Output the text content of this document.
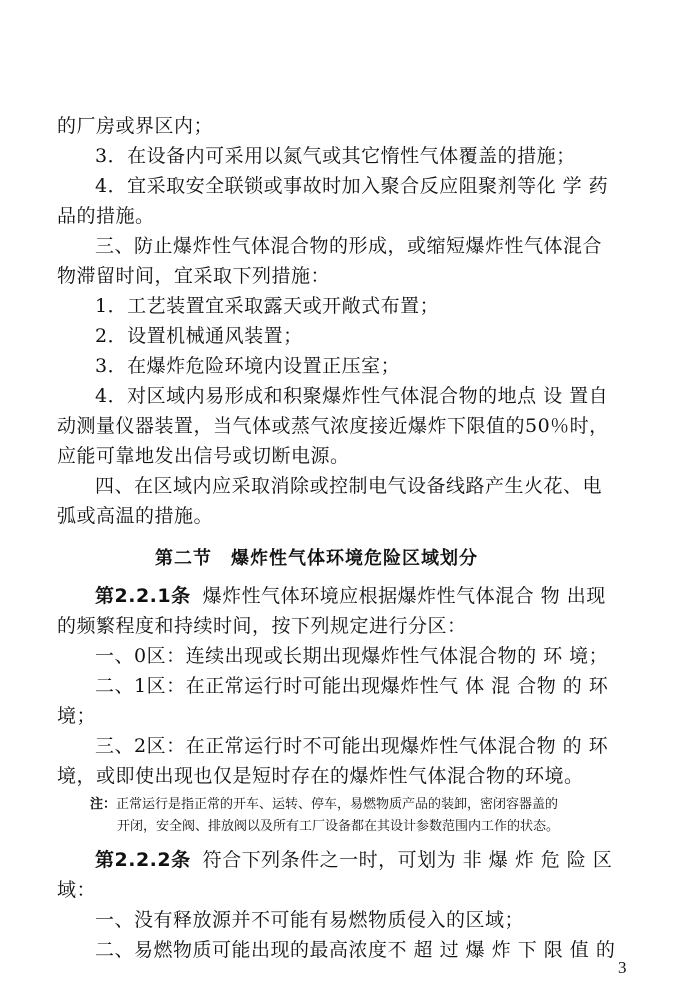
的厂房或界区内；
3．在设备内可采用以氮气或其它惰性气体覆盖的措施；
4．宜采取安全联锁或事故时加入聚合反应阻聚剂等化 学 药
品的措施。
三、防止爆炸性气体混合物的形成，或缩短爆炸性气体混合
物滞留时间，宜采取下列措施：
1．工艺装置宜采取露天或开敞式布置；
2．设置机械通风装置；
3．在爆炸危险环境内设置正压室；
4．对区域内易形成和积聚爆炸性气体混合物的地点 设 置自
动测量仪器装置，当气体或蒸气浓度接近爆炸下限值的50％时，
应能可靠地发出信号或切断电源。
四、在区域内应采取消除或控制电气设备线路产生火花、电
弧或高温的措施。
第二节　爆炸性气体环境危险区域划分
第2.2.1条 爆炸性气体环境应根据爆炸性气体混合 物 出现
的频繁程度和持续时间，按下列规定进行分区：
一、0区：连续出现或长期出现爆炸性气体混合物的 环 境；
二、1区：在正常运行时可能出现爆炸性气 体 混 合物 的 环
境；
三、2区：在正常运行时不可能出现爆炸性气体混合物 的 环
境，或即使出现也仅是短时存在的爆炸性气体混合物的环境。
注：正常运行是指正常的开车、运转、停车，易燃物质产品的装卸，密闭容器盖的
开闭，安全阀、排放阀以及所有工厂设备都在其设计参数范围内工作的状态。
第2.2.2条 符合下列条件之一时，可划为 非 爆 炸 危 险 区
域：
一、没有释放源并不可能有易燃物质侵入的区域；
二、易燃物质可能出现的最高浓度不 超 过 爆 炸 下 限 值 的
3
